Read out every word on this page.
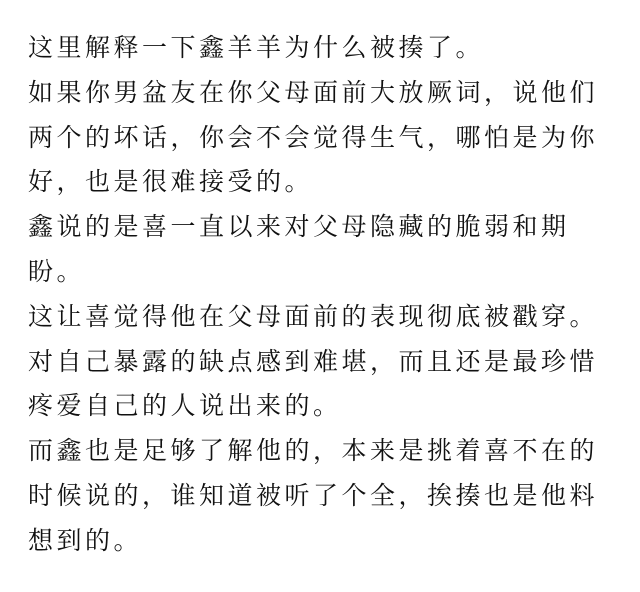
这里解释一下鑫羊羊为什么被揍了。

如果你男盆友在你父母面前大放厥词，说他们两个的坏话，你会不会觉得生气，哪怕是为你好，也是很难接受的。

鑫说的是喜一直以来对父母隐藏的脆弱和期盼。

这让喜觉得他在父母面前的表现彻底被戳穿。对自己暴露的缺点感到难堪，而且还是最珍惜疼爱自己的人说出来的。

而鑫也是足够了解他的，本来是挑着喜不在的时候说的，谁知道被听了个全，挨揍也是他料想到的。
